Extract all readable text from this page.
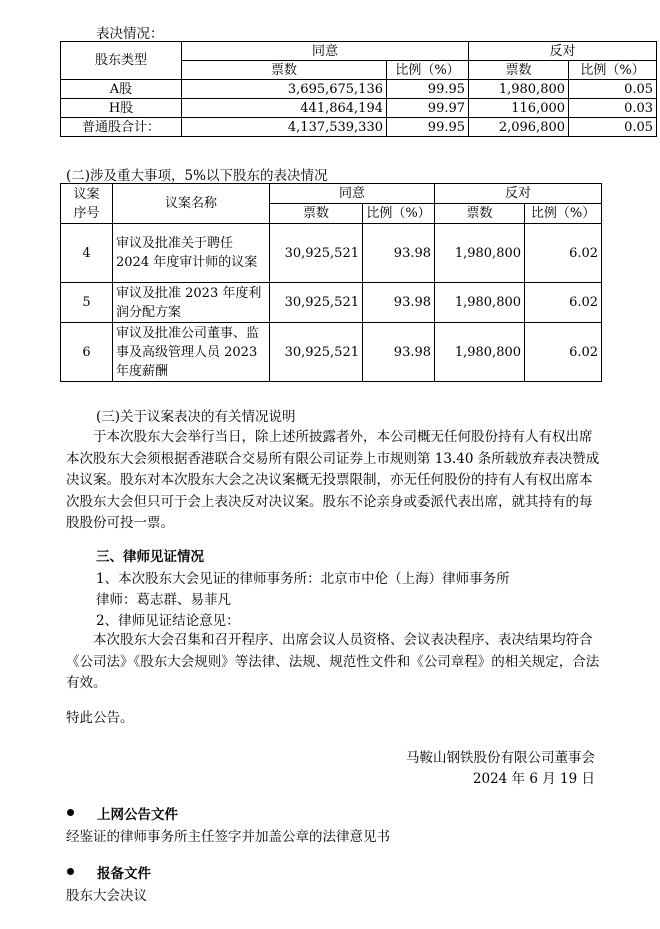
表决情况：
股东类型	同意		反对	
	票数	比例（%）	票数	比例（%）
A股	3,695,675,136	99.95	1,980,800	0.05
H股	441,864,194	99.97	116,000	0.03
普通股合计：	4,137,539,330	99.95	2,096,800	0.05
(二)涉及重大事项，5%以下股东的表决情况
议案
序号	议案名称	同意		反对	
		票数	比例（%）	票数	比例（%）
4	审议及批准关于聘任2024 年度审计师的议案	30,925,521	93.98	1,980,800	6.02
5	审议及批准 2023 年度利润分配方案	30,925,521	93.98	1,980,800	6.02
6	审议及批准公司董事、监事及高级管理人员 2023 年度薪酬	30,925,521	93.98	1,980,800	6.02
(三)关于议案表决的有关情况说明
于本次股东大会举行当日，除上述所披露者外，本公司概无任何股份持有人有权出席本次股东大会须根据香港联合交易所有限公司证券上市规则第 13.40 条所载放弃表决赞成决议案。股东对本次股东大会之决议案概无投票限制，亦无任何股份的持有人有权出席本次股东大会但只可于会上表决反对决议案。股东不论亲身或委派代表出席，就其持有的每股股份可投一票。
三、律师见证情况
1、本次股东大会见证的律师事务所：北京市中伦（上海）律师事务所
律师：葛志群、易菲凡
2、律师见证结论意见：
本次股东大会召集和召开程序、出席会议人员资格、会议表决程序、表决结果均符合《公司法》《股东大会规则》等法律、法规、规范性文件和《公司章程》的相关规定，合法有效。
特此公告。
马鞍山钢铁股份有限公司董事会
2024 年 6 月 19 日
上网公告文件
经鉴证的律师事务所主任签字并加盖公章的法律意见书
报备文件
股东大会决议
